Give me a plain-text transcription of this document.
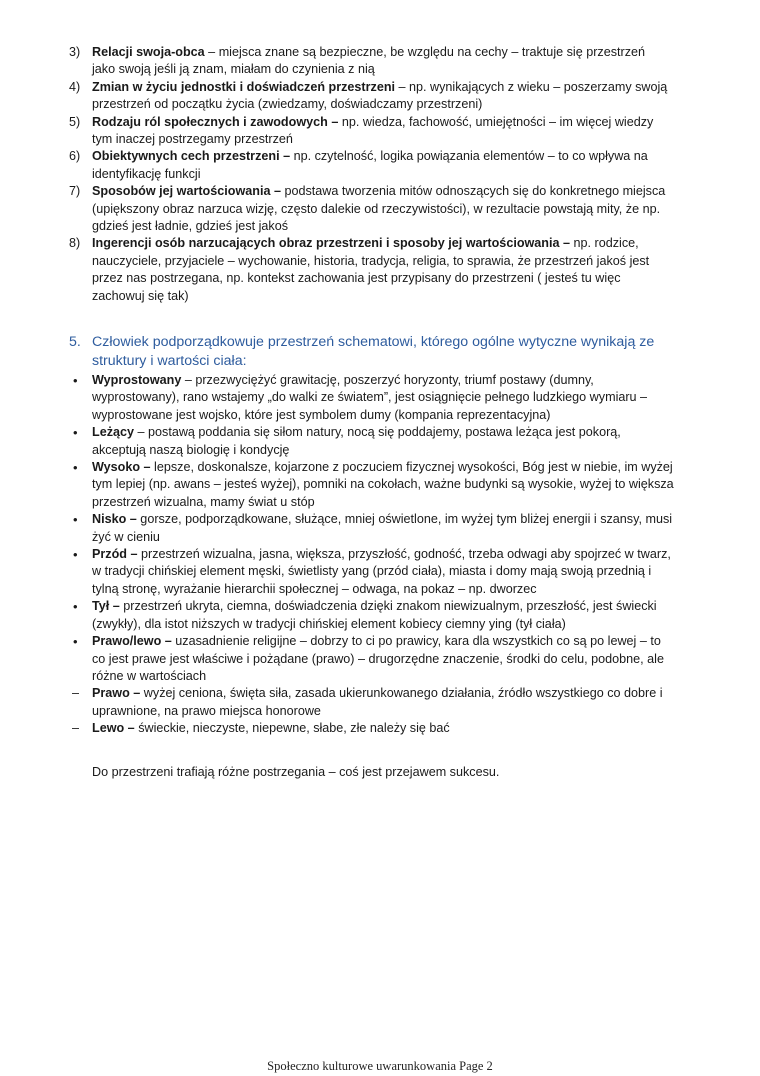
3) Relacji swoja-obca – miejsca znane są bezpieczne, be względu na cechy – traktuje się przestrzeń jako swoją jeśli ją znam, miałam do czynienia z nią

4) Zmian w życiu jednostki i doświadczeń przestrzeni – np. wynikających z wieku – poszerzamy swoją przestrzeń od początku życia (zwiedzamy, doświadczamy przestrzeni)

5) Rodzaju ról społecznych i zawodowych – np. wiedza, fachowość, umiejętności – im więcej wiedzy tym inaczej postrzegamy przestrzeń

6) Obiektywnych cech przestrzeni – np. czytelność, logika powiązania elementów – to co wpływa na identyfikację funkcji

7) Sposobów jej wartościowania – podstawa tworzenia mitów odnoszących się do konkretnego miejsca (upiększony obraz narzuca wizję, często dalekie od rzeczywistości), w rezultacie powstają mity, że np. gdzieś jest ładnie, gdzieś jest jakoś

8) Ingerencji osób narzucających obraz przestrzeni i sposoby jej wartościowania – np. rodzice, nauczyciele, przyjaciele – wychowanie, historia, tradycja, religia, to sprawia, że przestrzeń jakoś jest przez nas postrzegana, np. kontekst zachowania jest przypisany do przestrzeni ( jesteś tu więc zachowuj się tak)

5. Człowiek podporządkowuje przestrzeń schematowi, którego ogólne wytyczne wynikają ze struktury i wartości ciała:

• Wyprostowany – przezwyciężyć grawitację, poszerzyć horyzonty, triumf postawy (dumny, wyprostowany), rano wstajemy „do walki ze światem”, jest osiągnięcie pełnego ludzkiego wymiaru – wyprostowane jest wojsko, które jest symbolem dumy (kompania reprezentacyjna)

• Leżący – postawą poddania się siłom natury, nocą się poddajemy, postawa leżąca jest pokorą, akceptują naszą biologię i kondycję

• Wysoko – lepsze, doskonalsze, kojarzone z poczuciem fizycznej wysokości, Bóg jest w niebie, im wyżej tym lepiej (np. awans – jesteś wyżej), pomniki na cokołach, ważne budynki są wysokie, wyżej to większa przestrzeń wizualna, mamy świat u stóp

• Nisko – gorsze, podporządkowane, służące, mniej oświetlone, im wyżej tym bliżej energii i szansy, musi żyć w cieniu

• Przód – przestrzeń wizualna, jasna, większa, przyszłość, godność, trzeba odwagi aby spojrzeć w twarz, w tradycji chińskiej element męski, świetlisty yang (przód ciała), miasta i domy mają swoją przednią i tylną stronę, wyrażanie hierarchii społecznej – odwaga, na pokaz – np. dworzec

• Tył – przestrzeń ukryta, ciemna, doświadczenia dzięki znakom niewizualnym, przeszłość, jest świecki (zwykły), dla istot niższych w tradycji chińskiej element kobiecy ciemny ying (tył ciała)

• Prawo/lewo – uzasadnienie religijne – dobrzy to ci po prawicy, kara dla wszystkich co są po lewej – to co jest prawe jest właściwe i pożądane (prawo) – drugorzędne znaczenie, środki do celu, podobne, ale różne w wartościach

– Prawo – wyżej ceniona, święta siła, zasada ukierunkowanego działania, źródło wszystkiego co dobre i uprawnione, na prawo miejsca honorowe

– Lewo – świeckie, nieczyste, niepewne, słabe, złe należy się bać

Do przestrzeni trafiają różne postrzegania – coś jest przejawem sukcesu.

Społeczno kulturowe uwarunkowania Page 2
